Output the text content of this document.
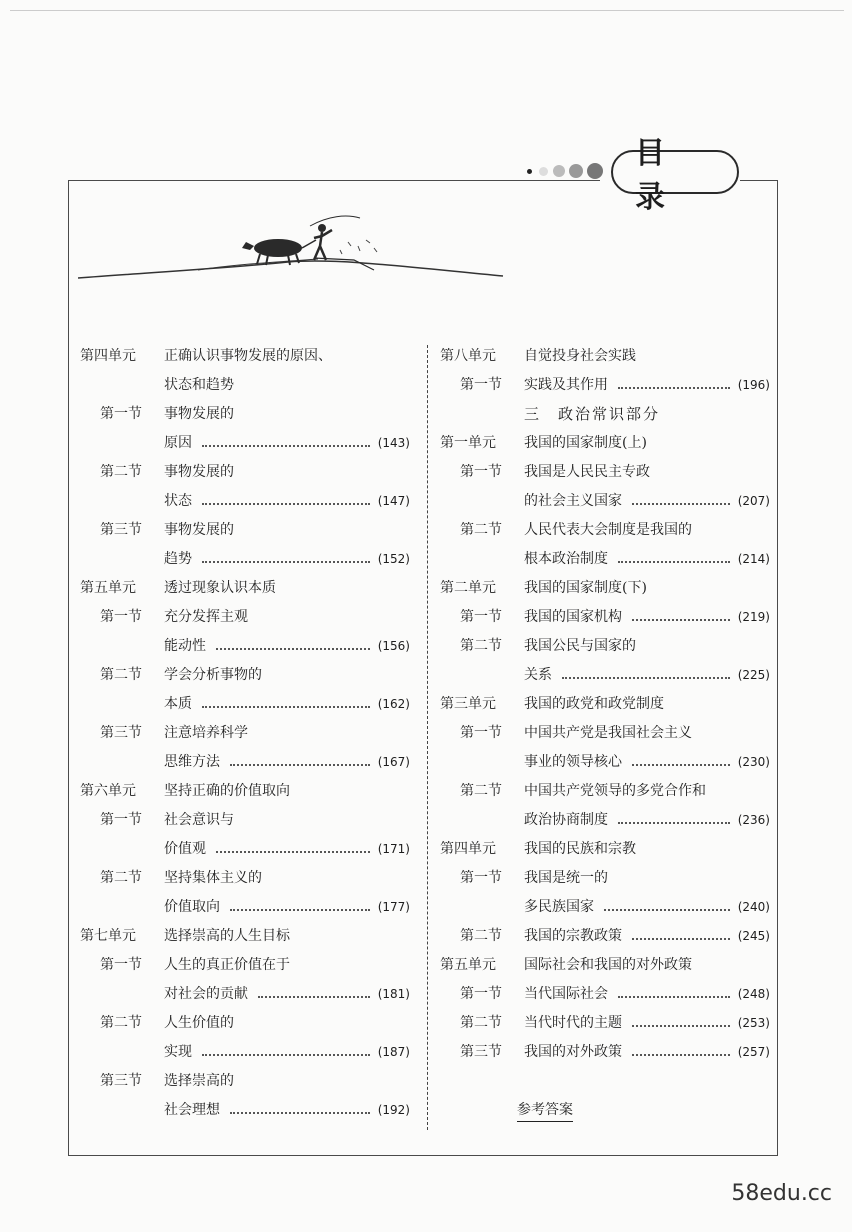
目录
第四单元 正确认识事物发展的原因、
状态和趋势
第一节 事物发展的
原因	(143)
第二节 事物发展的
状态	(147)
第三节 事物发展的
趋势	(152)
第五单元 透过现象认识本质
第一节 充分发挥主观
能动性	(156)
第二节 学会分析事物的
本质	(162)
第三节 注意培养科学
思维方法	(167)
第六单元 坚持正确的价值取向
第一节 社会意识与
价值观	(171)
第二节 坚持集体主义的
价值取向	(177)
第七单元 选择崇高的人生目标
第一节 人生的真正价值在于
对社会的贡献	(181)
第二节 人生价值的
实现	(187)
第三节 选择崇高的
社会理想	(192)
第八单元 自觉投身社会实践
第一节 实践及其作用	(196)
三　政治常识部分
第一单元 我国的国家制度(上)
第一节 我国是人民民主专政
的社会主义国家	(207)
第二节 人民代表大会制度是我国的
根本政治制度	(214)
第二单元 我国的国家制度(下)
第一节 我国的国家机构	(219)
第二节 我国公民与国家的
关系	(225)
第三单元 我国的政党和政党制度
第一节 中国共产党是我国社会主义
事业的领导核心	(230)
第二节 中国共产党领导的多党合作和
政治协商制度	(236)
第四单元 我国的民族和宗教
第一节 我国是统一的
多民族国家	(240)
第二节 我国的宗教政策	(245)
第五单元 国际社会和我国的对外政策
第一节 当代国际社会	(248)
第二节 当代时代的主题	(253)
第三节 我国的对外政策	(257)
参考答案
58edu.cc
